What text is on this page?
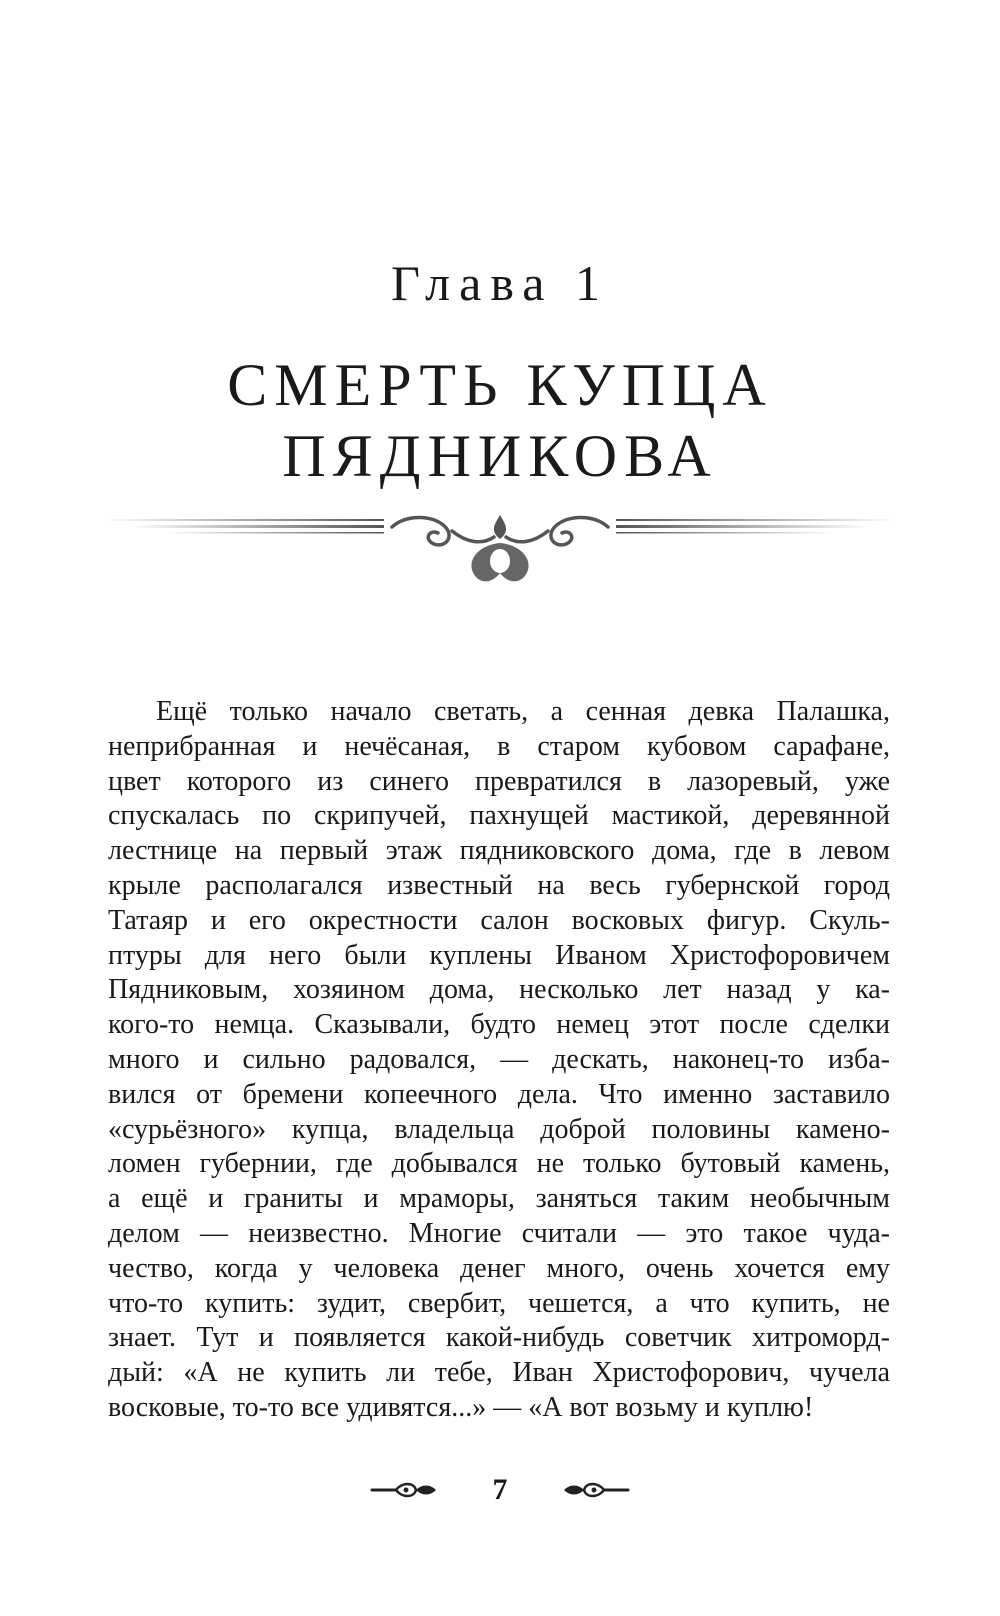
Глава 1
СМЕРТЬ КУПЦА
ПЯДНИКОВА
Ещё только начало светать, а сенная девка Палашка,
неприбранная и нечёсаная, в старом кубовом сарафане,
цвет которого из синего превратился в лазоревый, уже
спускалась по скрипучей, пахнущей мастикой, деревянной
лестнице на первый этаж пядниковского дома, где в левом
крыле располагался известный на весь губернской город
Татаяр и его окрестности салон восковых фигур. Скуль-
птуры для него были куплены Иваном Христофоровичем
Пядниковым, хозяином дома, несколько лет назад у ка-
кого-то немца. Сказывали, будто немец этот после сделки
много и сильно радовался, — дескать, наконец-то изба-
вился от бремени копеечного дела. Что именно заставило
«сурьёзного» купца, владельца доброй половины камено-
ломен губернии, где добывался не только бутовый камень,
а ещё и граниты и мраморы, заняться таким необычным
делом — неизвестно. Многие считали — это такое чуда-
чество, когда у человека денег много, очень хочется ему
что-то купить: зудит, свербит, чешется, а что купить, не
знает. Тут и появляется какой-нибудь советчик хитроморд-
дый: «А не купить ли тебе, Иван Христофорович, чучела
восковые, то-то все удивятся...» — «А вот возьму и куплю!
7
